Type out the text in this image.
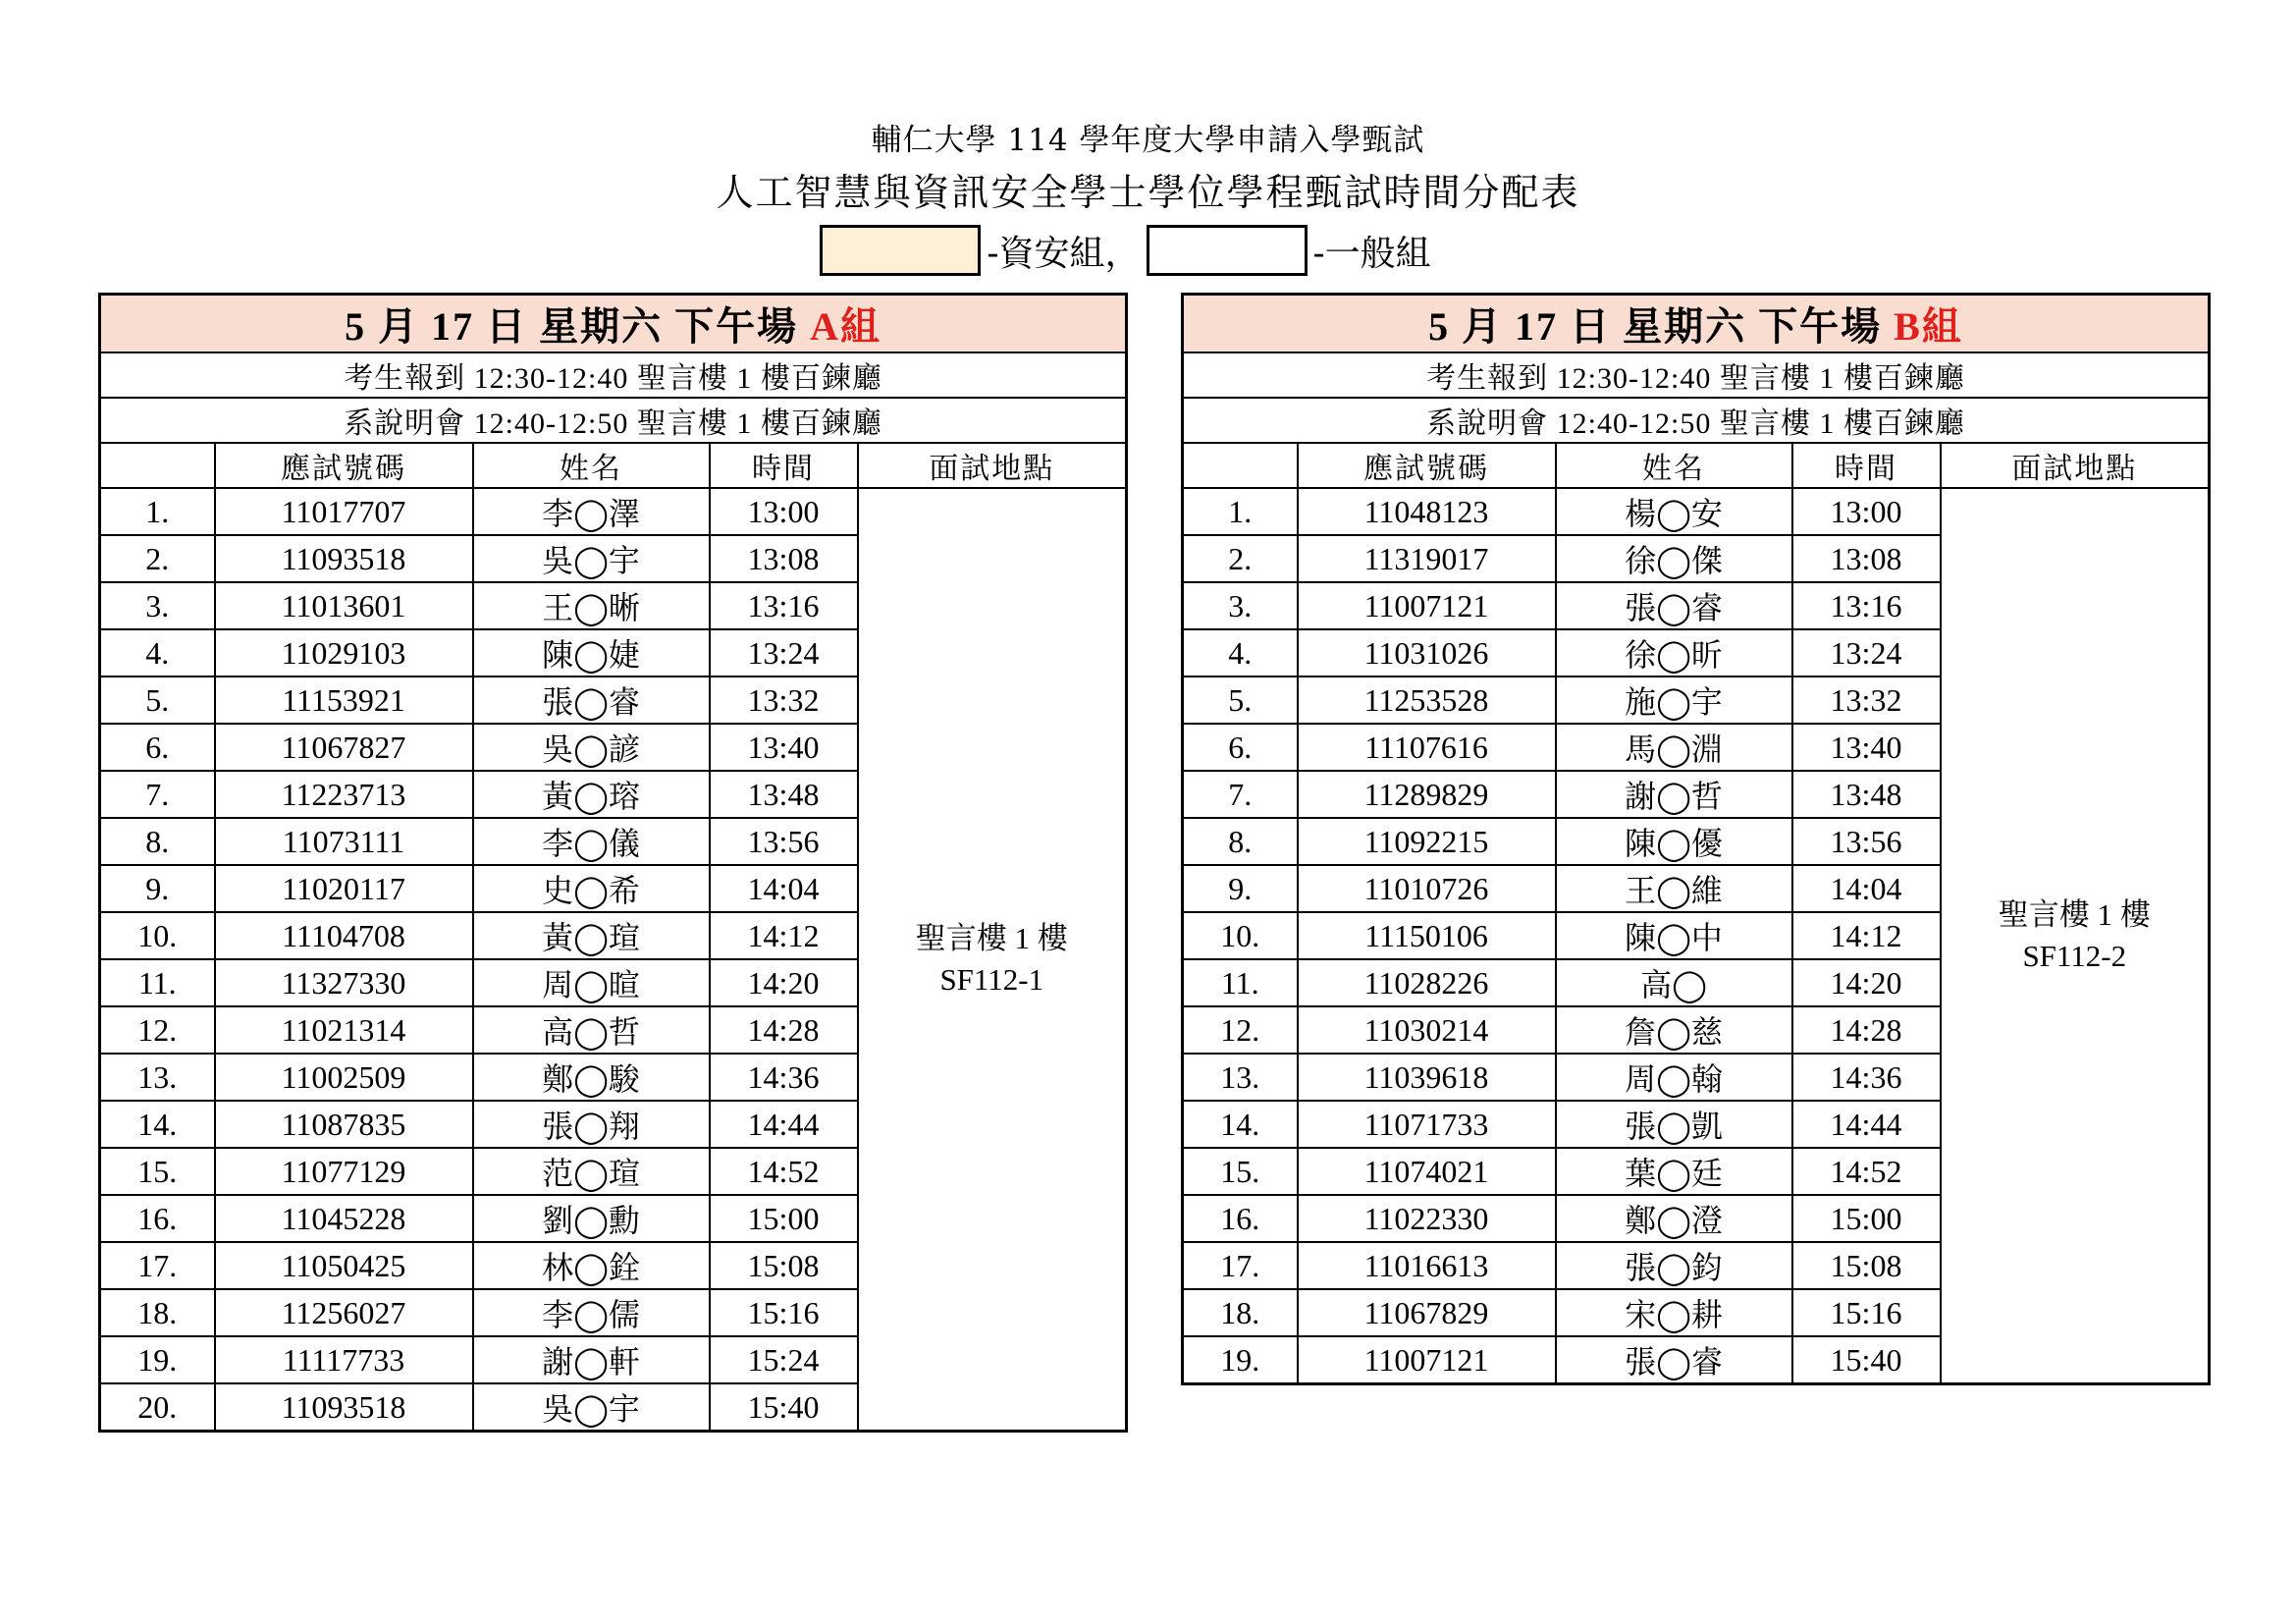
輔仁大學 114 學年度大學申請入學甄試
人工智慧與資訊安全學士學位學程甄試時間分配表
-資安組，	-一般組
5 月 17 日 星期六 下午場 A組				
考生報到 12:30-12:40 聖言樓 1 樓百鍊廳				
系說明會 12:40-12:50 聖言樓 1 樓百鍊廳				
	應試號碼	姓名	時間	面試地點
1.	11017707	李◯澤	13:00	聖言樓 1 樓
SF112-1

2.	11093518	吳◯宇	13:08	
3.	11013601	王◯晰	13:16	
4.	11029103	陳◯婕	13:24	
5.	11153921	張◯睿	13:32	
6.	11067827	吳◯諺	13:40	
7.	11223713	黃◯瑢	13:48	
8.	11073111	李◯儀	13:56	
9.	11020117	史◯希	14:04	
10.	11104708	黃◯瑄	14:12	
11.	11327330	周◯暄	14:20	
12.	11021314	高◯哲	14:28	
13.	11002509	鄭◯駿	14:36	
14.	11087835	張◯翔	14:44	
15.	11077129	范◯瑄	14:52	
16.	11045228	劉◯勳	15:00	
17.	11050425	林◯銓	15:08	
18.	11256027	李◯儒	15:16	
19.	11117733	謝◯軒	15:24	
20.	11093518	吳◯宇	15:40	
5 月 17 日 星期六 下午場 B組				
考生報到 12:30-12:40 聖言樓 1 樓百鍊廳				
系說明會 12:40-12:50 聖言樓 1 樓百鍊廳				
	應試號碼	姓名	時間	面試地點
1.	11048123	楊◯安	13:00	聖言樓 1 樓
SF112-2

2.	11319017	徐◯傑	13:08	
3.	11007121	張◯睿	13:16	
4.	11031026	徐◯昕	13:24	
5.	11253528	施◯宇	13:32	
6.	11107616	馬◯淵	13:40	
7.	11289829	謝◯哲	13:48	
8.	11092215	陳◯優	13:56	
9.	11010726	王◯維	14:04	
10.	11150106	陳◯中	14:12	
11.	11028226	高◯	14:20	
12.	11030214	詹◯慈	14:28	
13.	11039618	周◯翰	14:36	
14.	11071733	張◯凱	14:44	
15.	11074021	葉◯廷	14:52	
16.	11022330	鄭◯澄	15:00	
17.	11016613	張◯鈞	15:08	
18.	11067829	宋◯耕	15:16	
19.	11007121	張◯睿	15:40	
